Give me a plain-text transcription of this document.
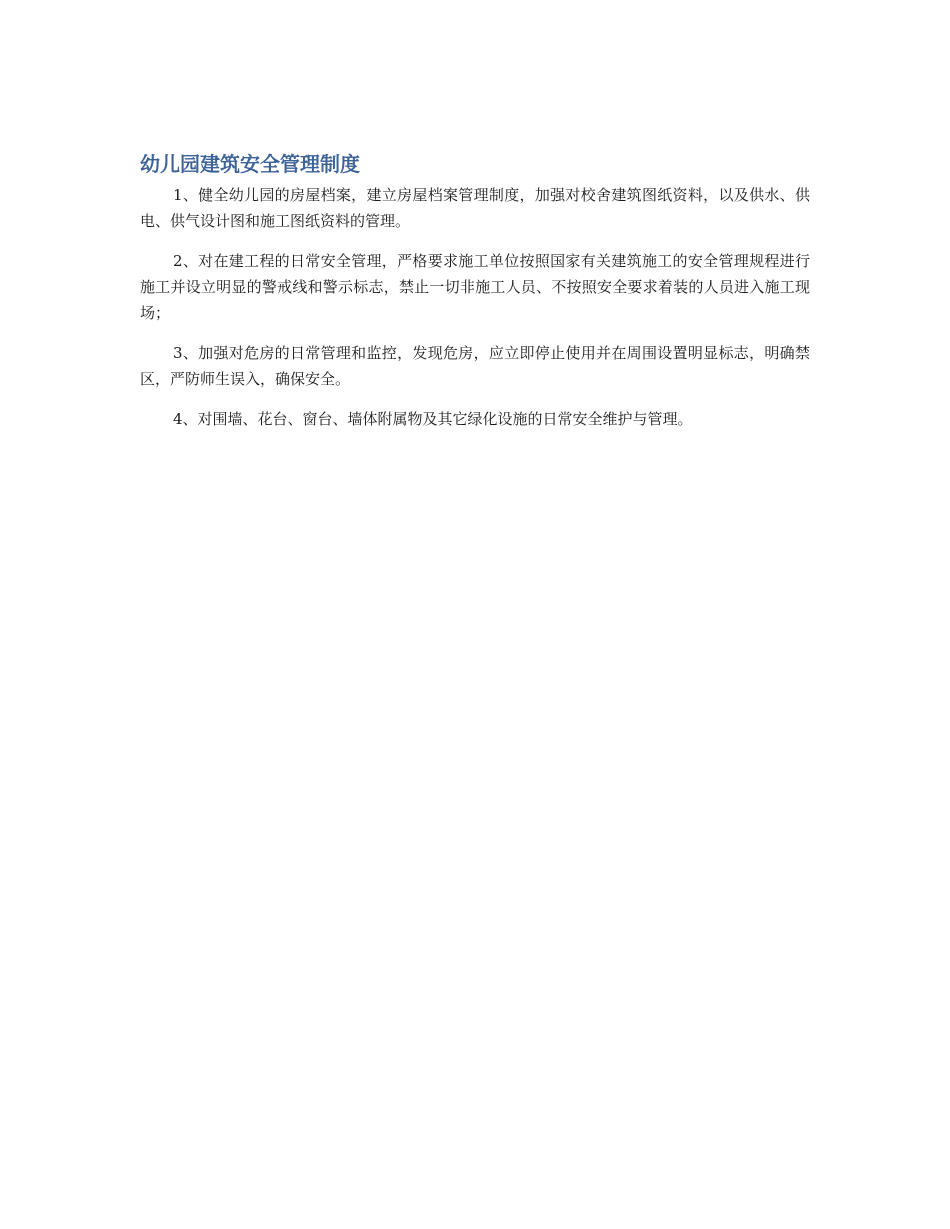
幼儿园建筑安全管理制度

1、健全幼儿园的房屋档案，建立房屋档案管理制度，加强对校舍建筑图纸资料，以及供水、供电、供气设计图和施工图纸资料的管理。

2、对在建工程的日常安全管理，严格要求施工单位按照国家有关建筑施工的安全管理规程进行施工并设立明显的警戒线和警示标志，禁止一切非施工人员、不按照安全要求着装的人员进入施工现场；

3、加强对危房的日常管理和监控，发现危房，应立即停止使用并在周围设置明显标志，明确禁区，严防师生误入，确保安全。

4、对围墙、花台、窗台、墙体附属物及其它绿化设施的日常安全维护与管理。
